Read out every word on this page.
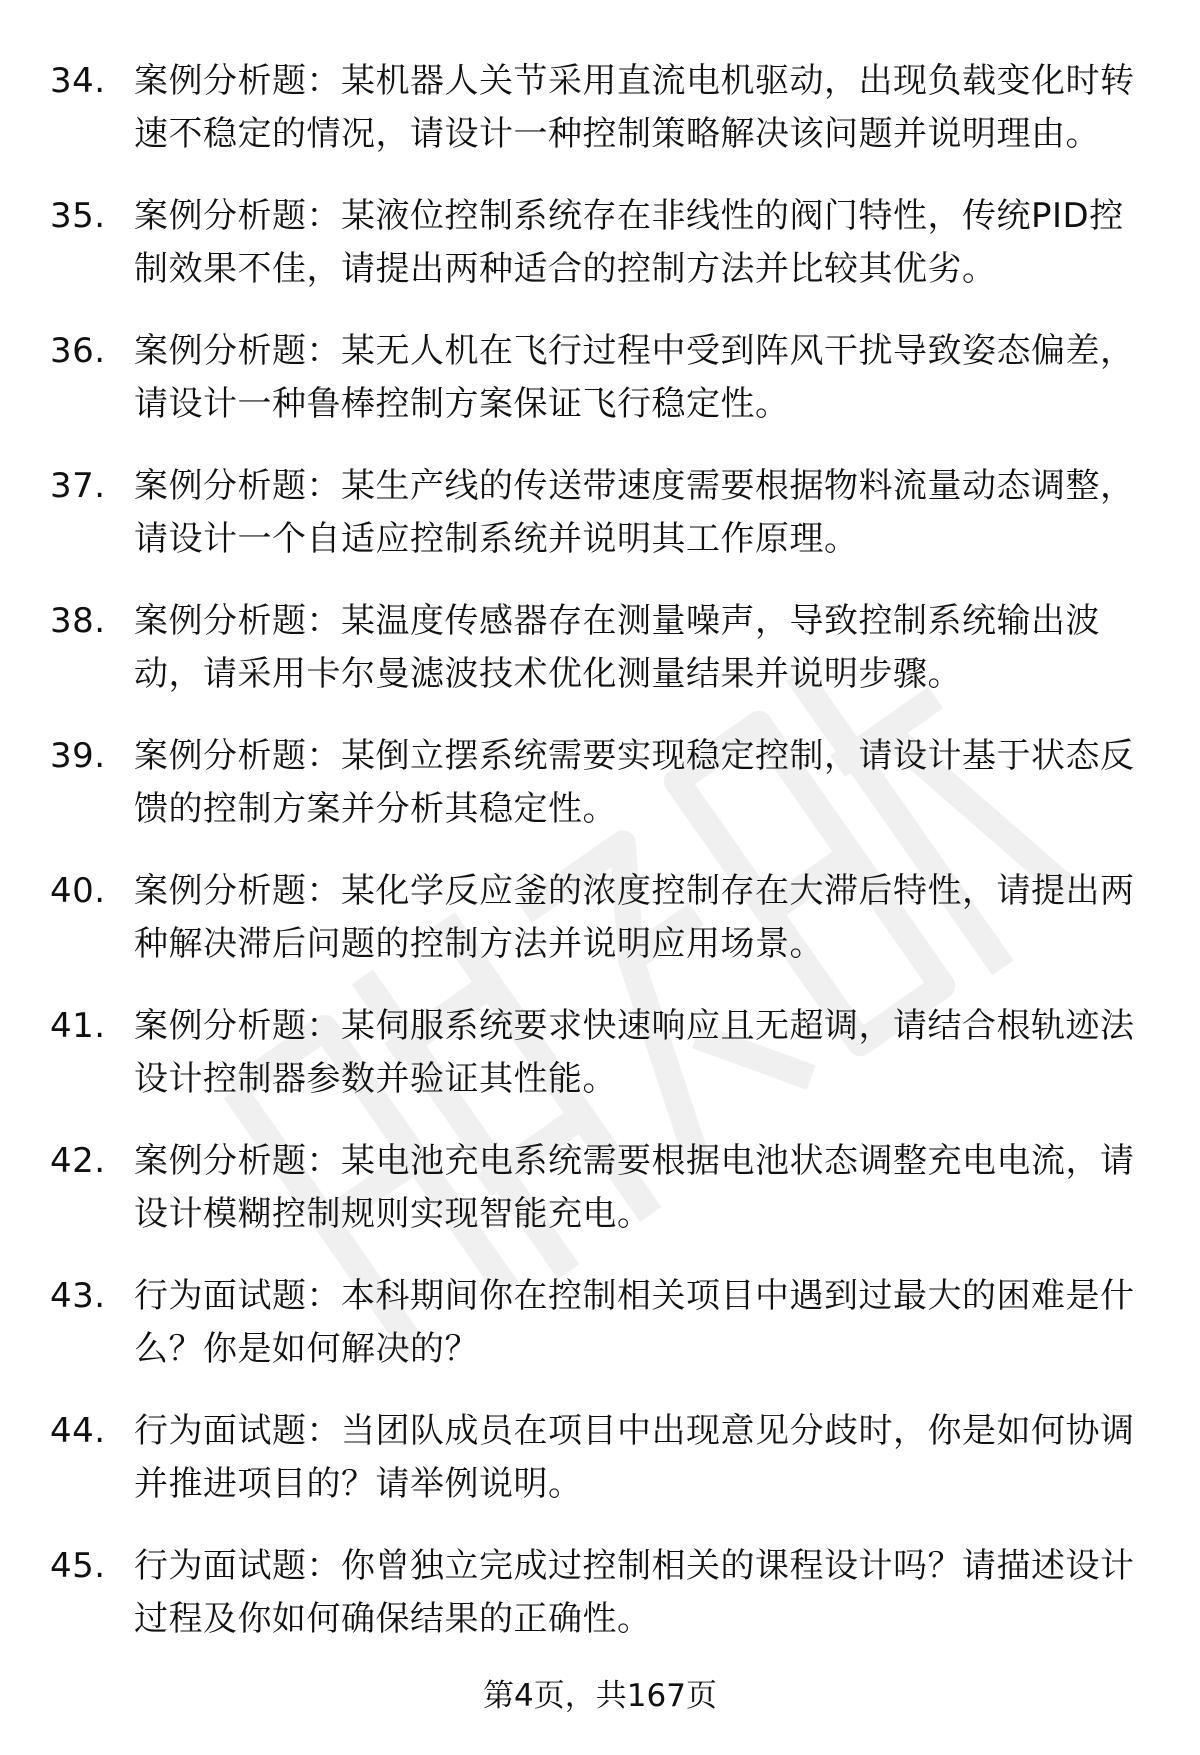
34. 案例分析题：某机器人关节采用直流电机驱动，出现负载变化时转速不稳定的情况，请设计一种控制策略解决该问题并说明理由。
35. 案例分析题：某液位控制系统存在非线性的阀门特性，传统PID控制效果不佳，请提出两种适合的控制方法并比较其优劣。
36. 案例分析题：某无人机在飞行过程中受到阵风干扰导致姿态偏差，请设计一种鲁棒控制方案保证飞行稳定性。
37. 案例分析题：某生产线的传送带速度需要根据物料流量动态调整，请设计一个自适应控制系统并说明其工作原理。
38. 案例分析题：某温度传感器存在测量噪声，导致控制系统输出波动，请采用卡尔曼滤波技术优化测量结果并说明步骤。
39. 案例分析题：某倒立摆系统需要实现稳定控制，请设计基于状态反馈的控制方案并分析其稳定性。
40. 案例分析题：某化学反应釜的浓度控制存在大滞后特性，请提出两种解决滞后问题的控制方法并说明应用场景。
41. 案例分析题：某伺服系统要求快速响应且无超调，请结合根轨迹法设计控制器参数并验证其性能。
42. 案例分析题：某电池充电系统需要根据电池状态调整充电电流，请设计模糊控制规则实现智能充电。
43. 行为面试题：本科期间你在控制相关项目中遇到过最大的困难是什么？你是如何解决的？
44. 行为面试题：当团队成员在项目中出现意见分歧时，你是如何协调并推进项目的？请举例说明。
45. 行为面试题：你曾独立完成过控制相关的课程设计吗？请描述设计过程及你如何确保结果的正确性。
第4页，共167页
